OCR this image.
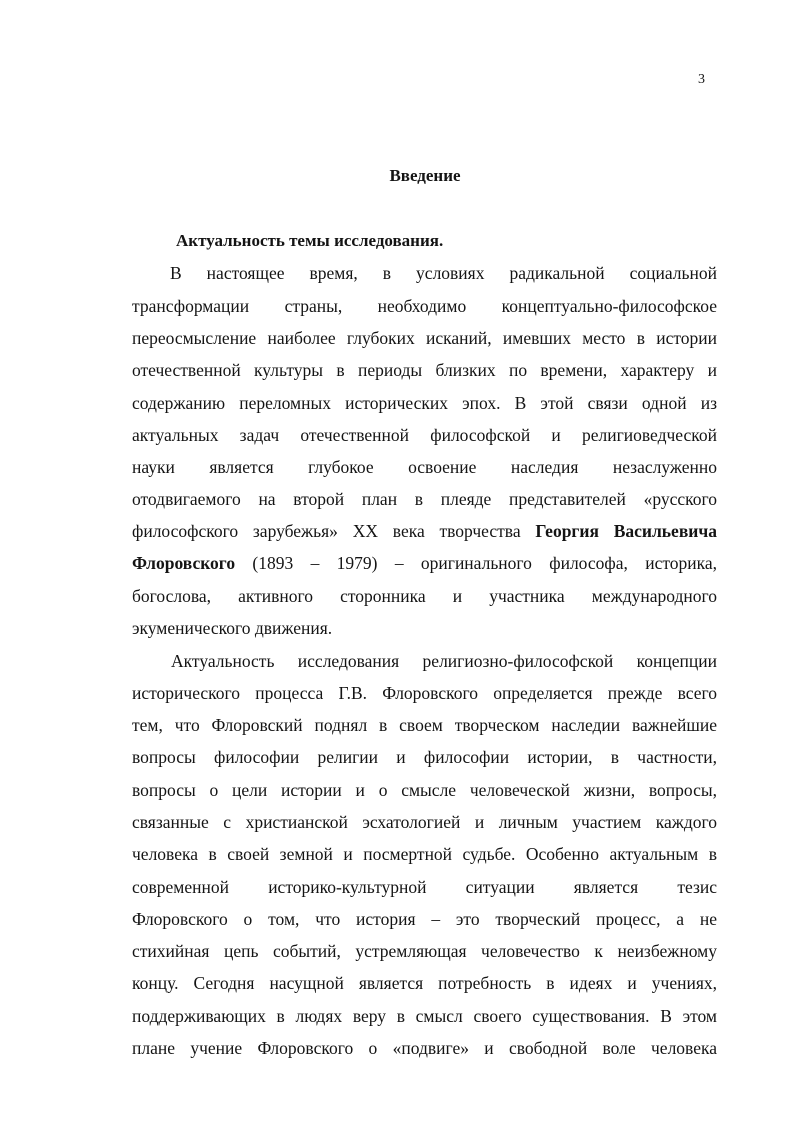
3
Введение
Актуальность темы исследования.
В настоящее время, в условиях радикальной социальной
трансформации страны, необходимо концептуально-философское
переосмысление наиболее глубоких исканий, имевших место в истории
отечественной культуры в периоды близких по времени, характеру и
содержанию переломных исторических эпох. В этой связи одной из
актуальных задач отечественной философской и религиоведческой
науки является глубокое освоение наследия незаслуженно
отодвигаемого на второй план в плеяде представителей «русского
философского зарубежья» XX века творчества Георгия Васильевича
Флоровского (1893 – 1979) – оригинального философа, историка,
богослова, активного сторонника и участника международного
экуменического движения.
Актуальность исследования религиозно-философской концепции
исторического процесса Г.В. Флоровского определяется прежде всего
тем, что Флоровский поднял в своем творческом наследии важнейшие
вопросы философии религии и философии истории, в частности,
вопросы о цели истории и о смысле человеческой жизни, вопросы,
связанные с христианской эсхатологией и личным участием каждого
человека в своей земной и посмертной судьбе. Особенно актуальным в
современной историко-культурной ситуации является тезис
Флоровского о том, что история – это творческий процесс, а не
стихийная цепь событий, устремляющая человечество к неизбежному
концу. Сегодня насущной является потребность в идеях и учениях,
поддерживающих в людях веру в смысл своего существования. В этом
плане учение Флоровского о «подвиге» и свободной воле человека
